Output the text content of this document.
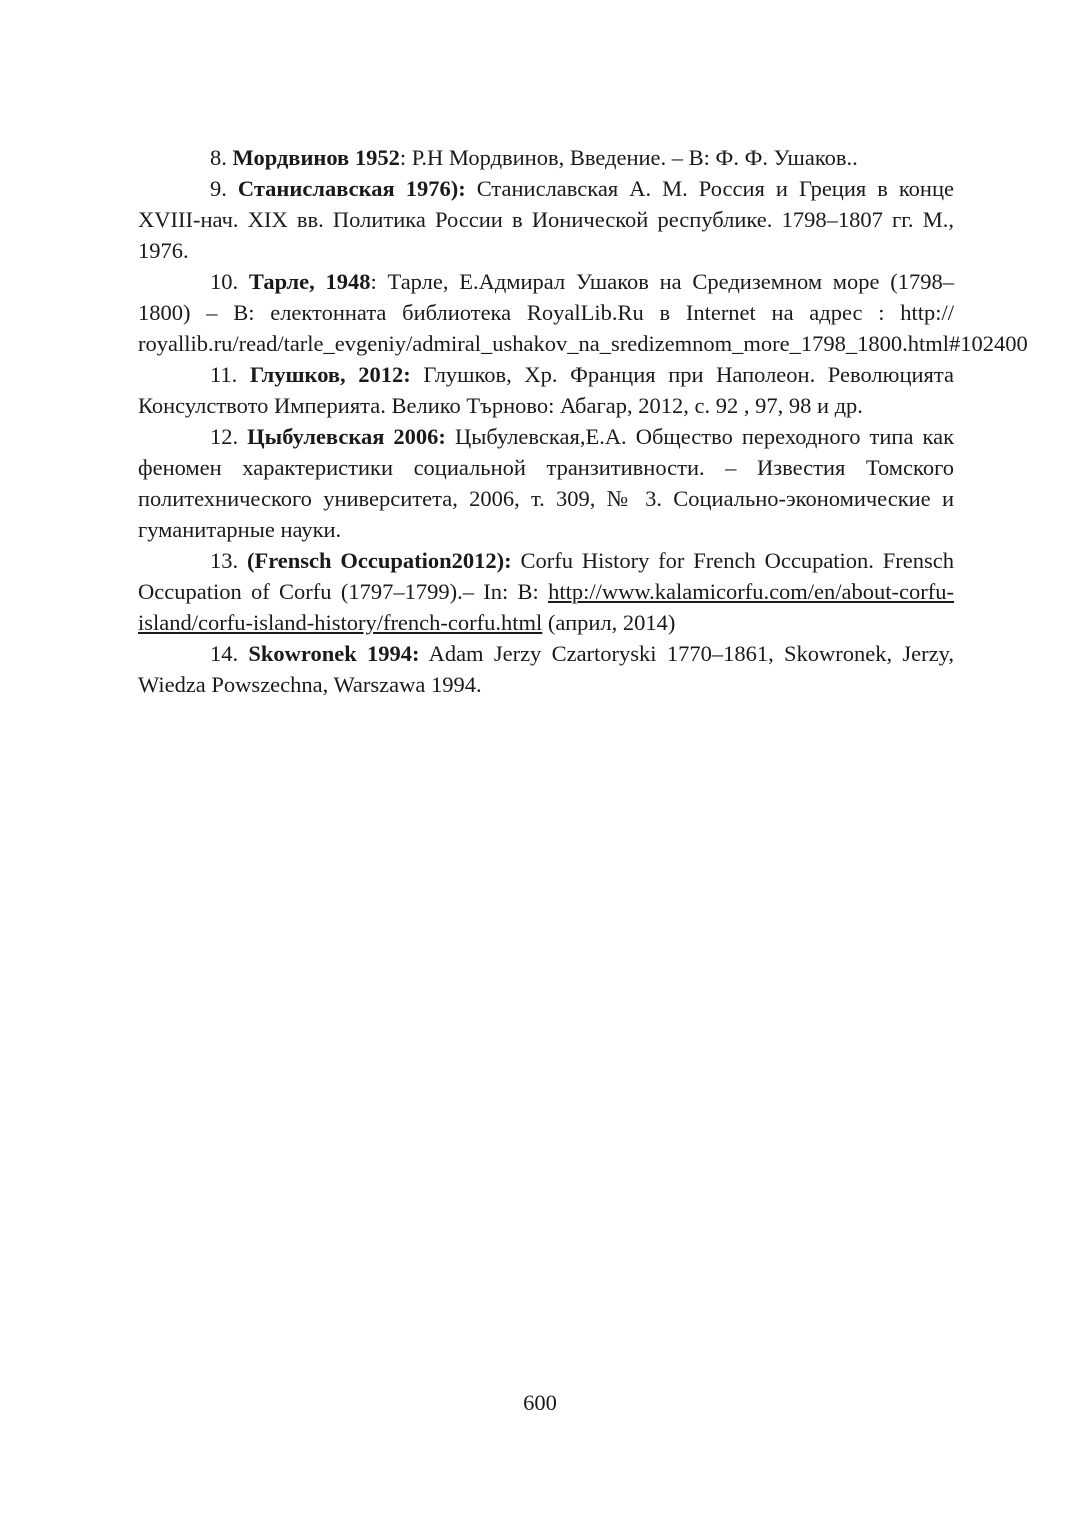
8. Мордвинов 1952: Р.Н Мордвинов, Введение. – В: Ф. Ф. Ушаков..

9. Станиславская 1976): Станиславская А. М. Россия и Греция в конце XVIII-нач. XIX вв. Политика России в Ионической республике. 1798–1807 гг. М., 1976.

10. Тарле, 1948: Тарле, Е.Адмирал Ушаков на Средиземном море (1798–1800) – В: електонната библиотека RoyalLib.Ru в Internet на адрес : http:// royallib.ru/read/tarle_evgeniy/admiral_ushakov_na_sredizemnom_more_1798_1800.html#102400

11. Глушков, 2012: Глушков, Хр. Франция при Наполеон. Революцията Консулството Империята. Велико Търново: Абагар, 2012, с. 92 , 97, 98 и др.

12. Цыбулевская 2006: Цыбулевская,Е.А. Общество переходного типа как феномен характеристики социальной транзитивности. – Известия Томского политехнического университета, 2006, т. 309, № 3. Социально-экономические и гуманитарные науки.

13. (Frensch Occupation2012): Corfu History for French Occupation. Frensch Occupation of Corfu (1797–1799).– In: B: http://www.kalamicorfu.com/en/about-corfu-island/corfu-island-history/french-corfu.html (април, 2014)

14. Skowronek 1994: Adam Jerzy Czartoryski 1770–1861, Skowronek, Jerzy, Wiedza Powszechna, Warszawa 1994.

600
